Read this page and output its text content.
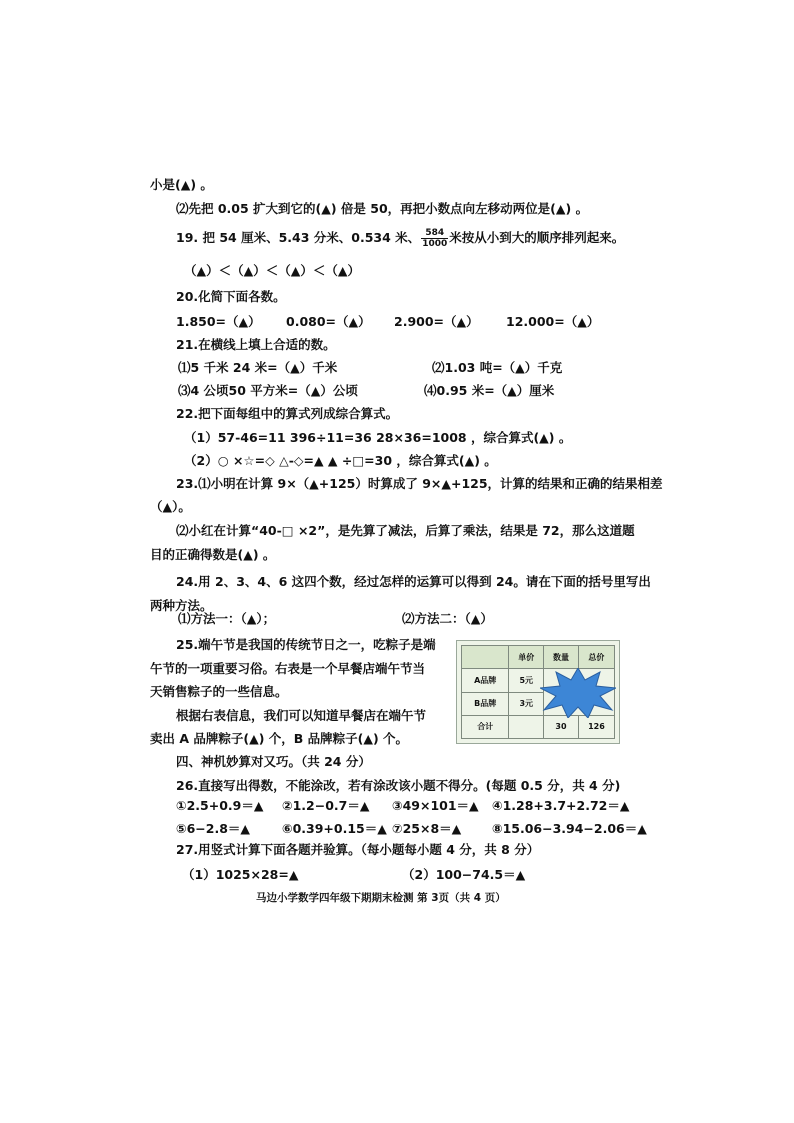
小是(▲) 。
⑵先把 0.05 扩大到它的(▲) 倍是 50，再把小数点向左移动两位是(▲) 。
19. 把 54 厘米、5.43 分米、0.534 米、 $\frac{584}{1000}$ 米按从小到大的顺序排列起来。
（▲）＜（▲）＜（▲）＜（▲）
20.化简下面各数。
1.850=（▲） 0.080=（▲） 2.900=（▲） 12.000=（▲）
21.在横线上填上合适的数。
⑴5 千米 24 米=（▲）千米	⑵1.03 吨=（▲）千克
⑶4 公顷50 平方米=（▲）公顷	⑷0.95 米=（▲）厘米
22.把下面每组中的算式列成综合算式。
（1）57-46=11 396÷11=36 28×36=1008 ，综合算式(▲) 。
（2）○ ×☆=◇ △-◇=▲ ▲ ÷□=30 ，综合算式(▲) 。
23.⑴小明在计算 9×（▲+125）时算成了 9×▲+125，计算的结果和正确的结果相差
（▲）。
⑵小红在计算“40-□ ×2”，是先算了减法，后算了乘法，结果是 72，那么这道题
目的正确得数是(▲) 。
24.用 2、3、4、6 这四个数，经过怎样的运算可以得到 24。请在下面的括号里写出
两种方法。
⑴方法一：（▲）；	⑵方法二：（▲）
25.端午节是我国的传统节日之一，吃粽子是端
午节的一项重要习俗。右表是一个早餐店端午节当
天销售粽子的一些信息。
根据右表信息，我们可以知道早餐店在端午节
卖出 A 品牌粽子(▲) 个，B 品牌粽子(▲) 个。
	单价	数量	总价
A品牌	5元		
B品牌	3元		
合计		30	126
四、神机妙算对又巧。（共 24 分）
26.直接写出得数，不能涂改，若有涂改该小题不得分。(每题 0.5 分，共 4 分)
①2.5+0.9＝▲ ②1.2−0.7＝▲ ③49×101＝▲ ④1.28+3.7+2.72＝▲
⑤6−2.8＝▲	⑥0.39+0.15＝▲ ⑦25×8＝▲ ⑧15.06−3.94−2.06＝▲
27.用竖式计算下面各题并验算。（每小题每小题 4 分，共 8 分）
（1）1025×28=▲	（2）100−74.5＝▲
马边小学数学四年级下期期末检测 第 3页（共 4 页）
